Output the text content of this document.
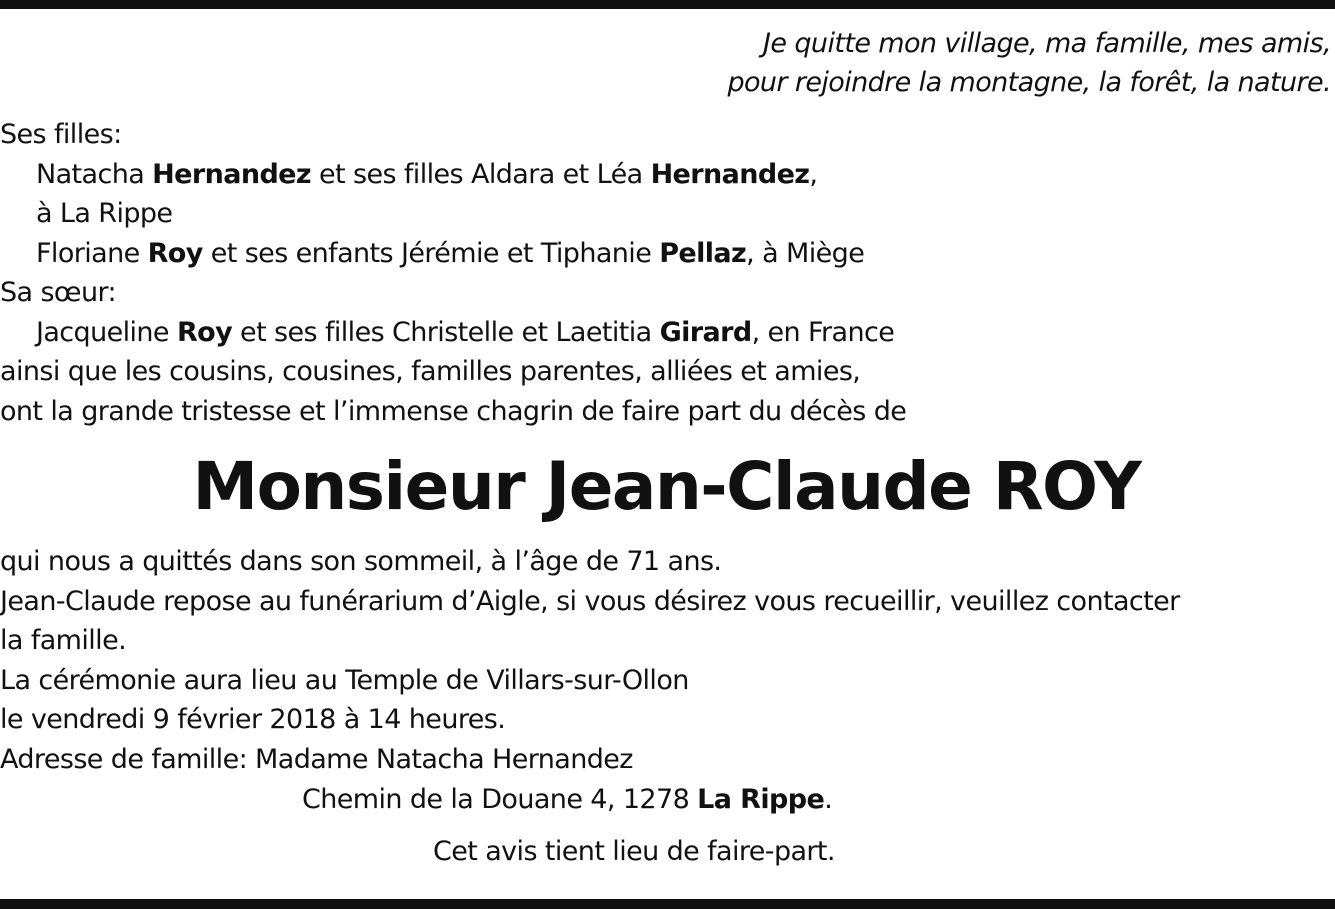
Je quitte mon village, ma famille, mes amis,
pour rejoindre la montagne, la forêt, la nature.
Ses filles:
Natacha Hernandez et ses filles Aldara et Léa Hernandez,
à La Rippe
Floriane Roy et ses enfants Jérémie et Tiphanie Pellaz, à Miège
Sa sœur:
Jacqueline Roy et ses filles Christelle et Laetitia Girard, en France
ainsi que les cousins, cousines, familles parentes, alliées et amies,
ont la grande tristesse et l’immense chagrin de faire part du décès de
Monsieur Jean-Claude ROY
qui nous a quittés dans son sommeil, à l’âge de 71 ans.
Jean-Claude repose au funérarium d’Aigle, si vous désirez vous recueillir, veuillez contacter
la famille.
La cérémonie aura lieu au Temple de Villars-sur-Ollon
le vendredi 9 février 2018 à 14 heures.
Adresse de famille: Madame Natacha Hernandez
Chemin de la Douane 4, 1278 La Rippe.
Cet avis tient lieu de faire-part.
